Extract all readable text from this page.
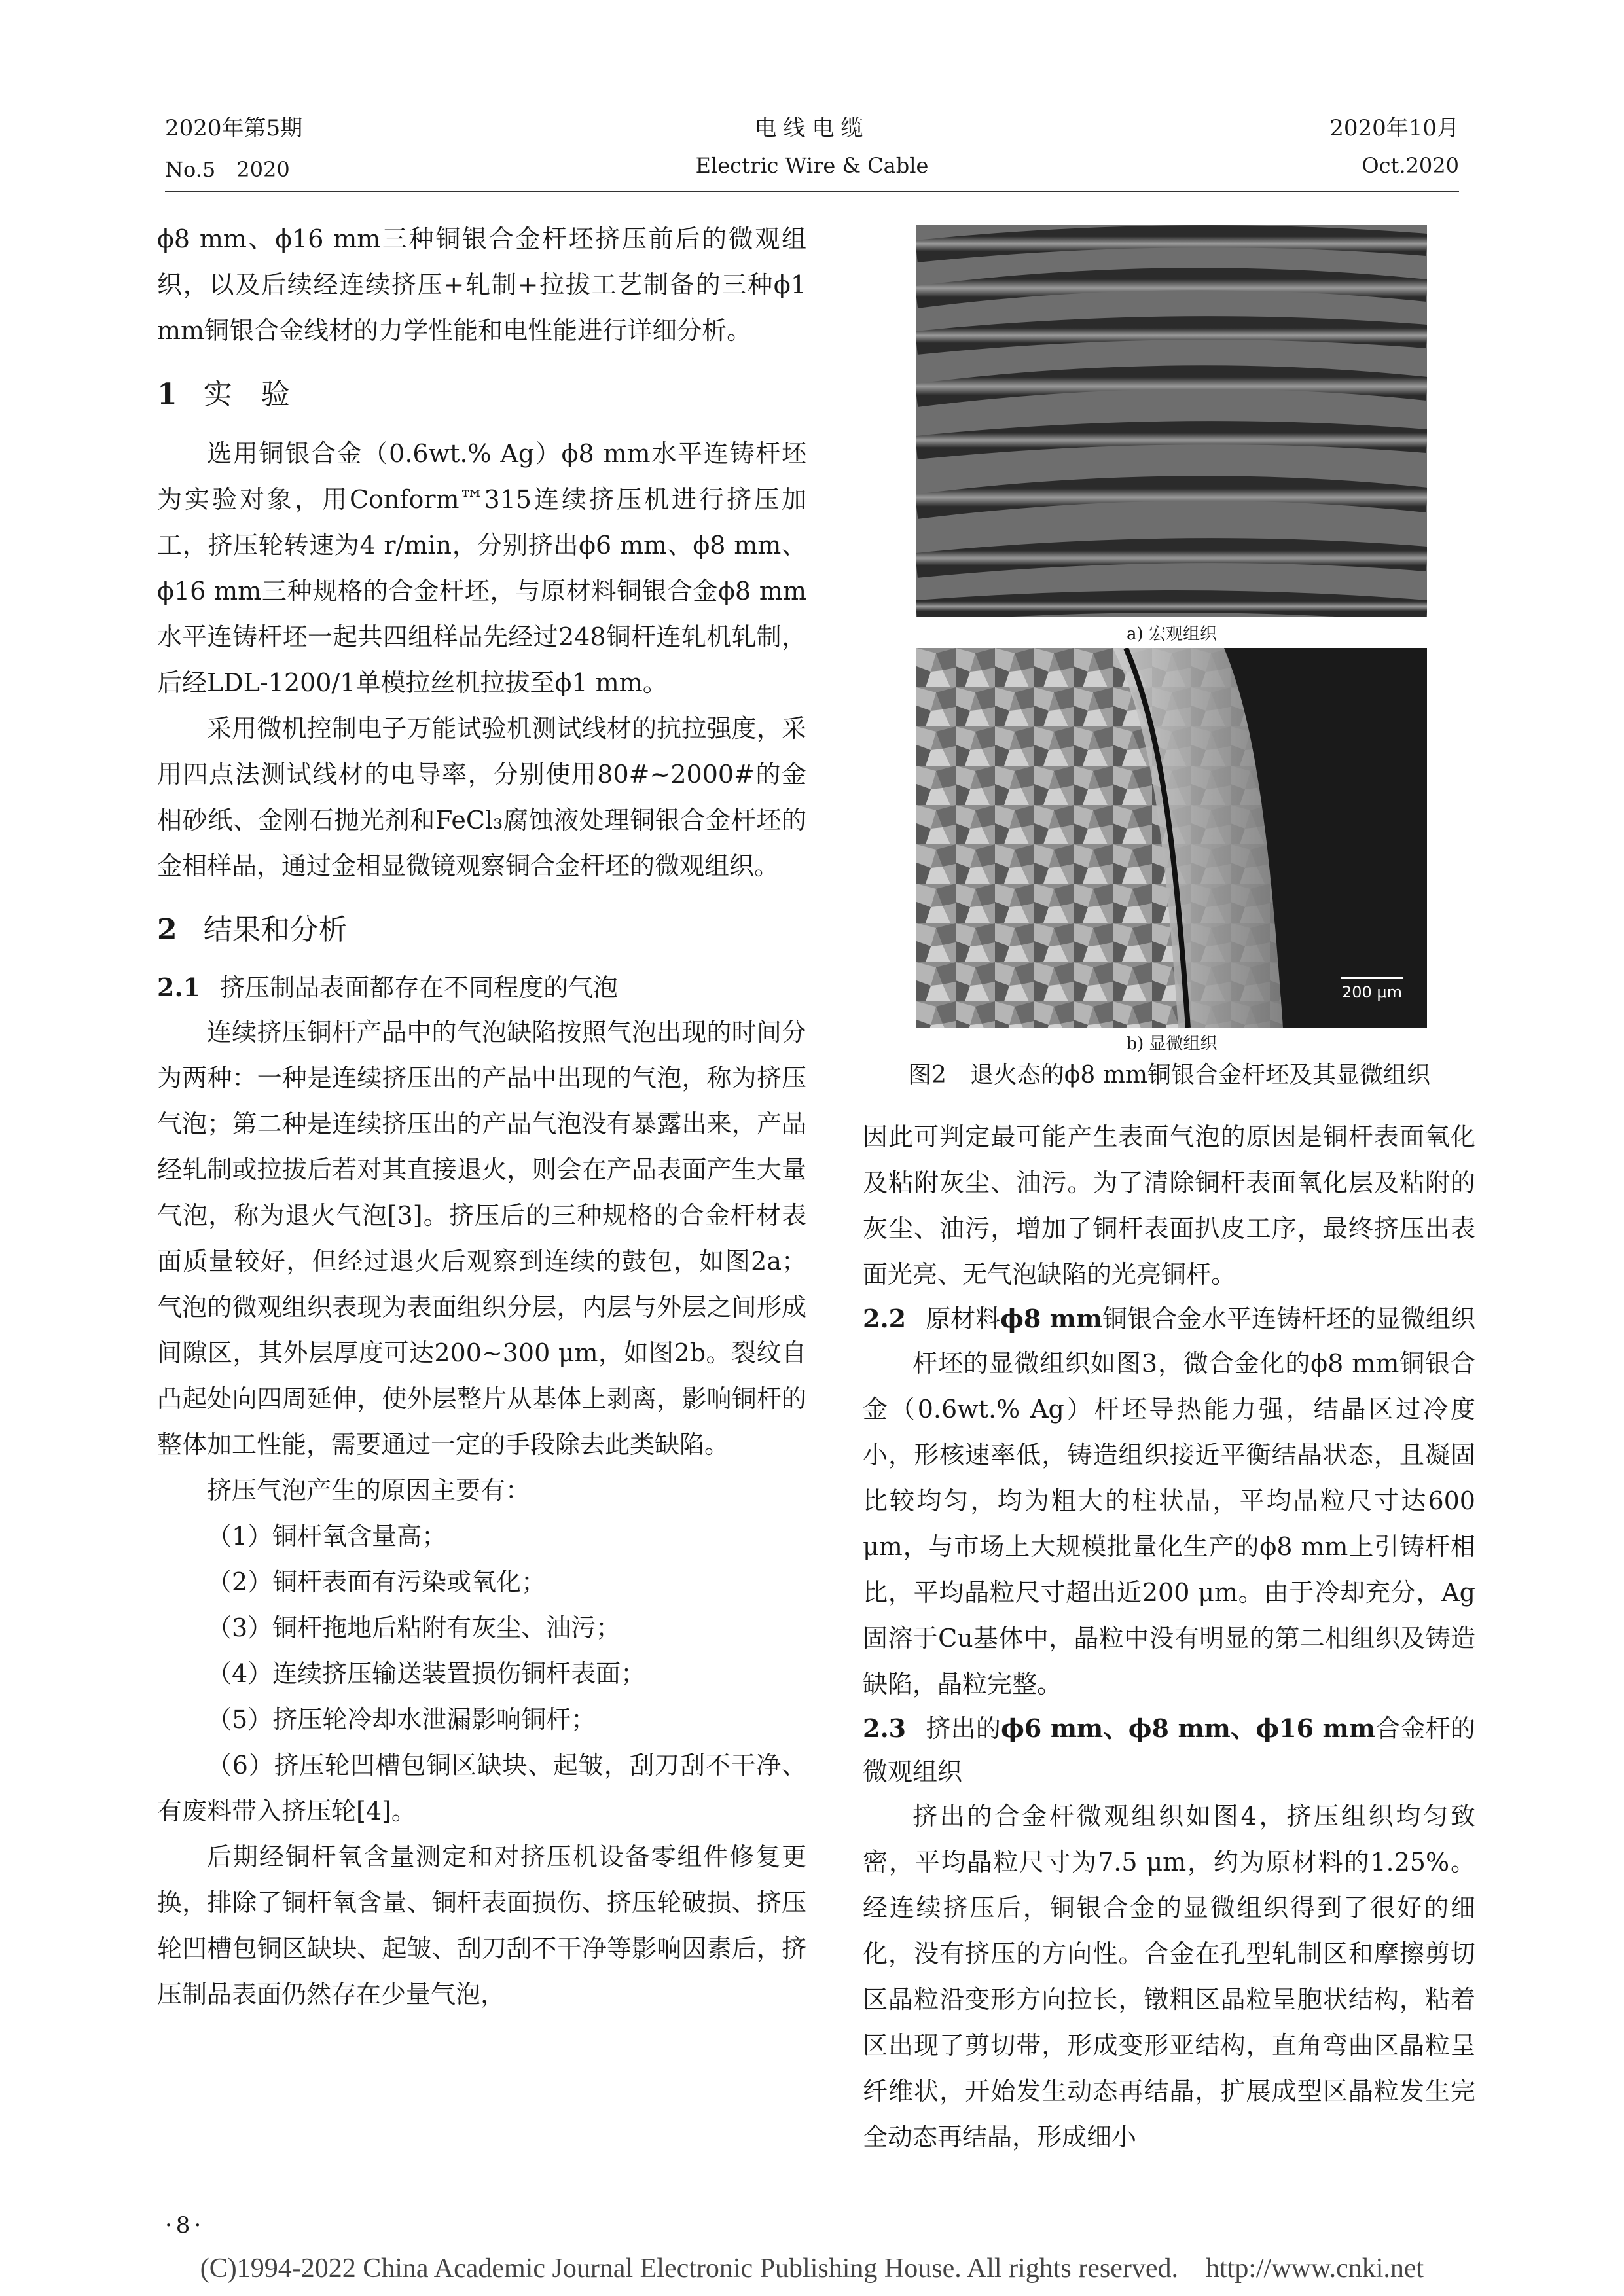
2020年第5期
No.5　2020
电线电缆
Electric Wire & Cable
2020年10月
Oct.2020

ϕ8 mm、ϕ16 mm三种铜银合金杆坯挤压前后的微观组织，以及后续经连续挤压+轧制+拉拔工艺制备的三种ϕ1 mm铜银合金线材的力学性能和电性能进行详细分析。

1 实　验

选用铜银合金（0.6wt.% Ag）ϕ8 mm水平连铸杆坯为实验对象，用Conform™315连续挤压机进行挤压加工，挤压轮转速为4 r/min，分别挤出ϕ6 mm、ϕ8 mm、ϕ16 mm三种规格的合金杆坯，与原材料铜银合金ϕ8 mm水平连铸杆坯一起共四组样品先经过248铜杆连轧机轧制，后经LDL-1200/1单模拉丝机拉拔至ϕ1 mm。

采用微机控制电子万能试验机测试线材的抗拉强度，采用四点法测试线材的电导率，分别使用80#~2000#的金相砂纸、金刚石抛光剂和FeCl₃腐蚀液处理铜银合金杆坯的金相样品，通过金相显微镜观察铜合金杆坯的微观组织。

2 结果和分析
2.1 挤压制品表面都存在不同程度的气泡

连续挤压铜杆产品中的气泡缺陷按照气泡出现的时间分为两种：一种是连续挤压出的产品中出现的气泡，称为挤压气泡；第二种是连续挤压出的产品气泡没有暴露出来，产品经轧制或拉拔后若对其直接退火，则会在产品表面产生大量气泡，称为退火气泡[3]。挤压后的三种规格的合金杆材表面质量较好，但经过退火后观察到连续的鼓包，如图2a；气泡的微观组织表现为表面组织分层，内层与外层之间形成间隙区，其外层厚度可达200~300 μm，如图2b。裂纹自凸起处向四周延伸，使外层整片从基体上剥离，影响铜杆的整体加工性能，需要通过一定的手段除去此类缺陷。

挤压气泡产生的原因主要有：

（1）铜杆氧含量高；

（2）铜杆表面有污染或氧化；

（3）铜杆拖地后粘附有灰尘、油污；

（4）连续挤压输送装置损伤铜杆表面；

（5）挤压轮冷却水泄漏影响铜杆；

（6）挤压轮凹槽包铜区缺块、起皱，刮刀刮不干净、有废料带入挤压轮[4]。

后期经铜杆氧含量测定和对挤压机设备零组件修复更换，排除了铜杆氧含量、铜杆表面损伤、挤压轮破损、挤压轮凹槽包铜区缺块、起皱、刮刀刮不干净等影响因素后，挤压制品表面仍然存在少量气泡，

a) 宏观组织
200 μm
b) 显微组织
图2　退火态的ϕ8 mm铜银合金杆坯及其显微组织

因此可判定最可能产生表面气泡的原因是铜杆表面氧化及粘附灰尘、油污。为了清除铜杆表面氧化层及粘附的灰尘、油污，增加了铜杆表面扒皮工序，最终挤压出表面光亮、无气泡缺陷的光亮铜杆。

2.2 原材料ϕ8 mm铜银合金水平连铸杆坯的显微组织

杆坯的显微组织如图3，微合金化的ϕ8 mm铜银合金（0.6wt.% Ag）杆坯导热能力强，结晶区过冷度小，形核速率低，铸造组织接近平衡结晶状态，且凝固比较均匀，均为粗大的柱状晶，平均晶粒尺寸达600 μm，与市场上大规模批量化生产的ϕ8 mm上引铸杆相比，平均晶粒尺寸超出近200 μm。由于冷却充分，Ag固溶于Cu基体中，晶粒中没有明显的第二相组织及铸造缺陷，晶粒完整。

2.3 挤出的ϕ6 mm、ϕ8 mm、ϕ16 mm合金杆的微观组织

挤出的合金杆微观组织如图4，挤压组织均匀致密，平均晶粒尺寸为7.5 μm，约为原材料的1.25%。经连续挤压后，铜银合金的显微组织得到了很好的细化，没有挤压的方向性。合金在孔型轧制区和摩擦剪切区晶粒沿变形方向拉长，镦粗区晶粒呈胞状结构，粘着区出现了剪切带，形成变形亚结构，直角弯曲区晶粒呈纤维状，开始发生动态再结晶，扩展成型区晶粒发生完全动态再结晶，形成细小

·8·
(C)1994-2022 China Academic Journal Electronic Publishing House. All rights reserved.　http://www.cnki.net
